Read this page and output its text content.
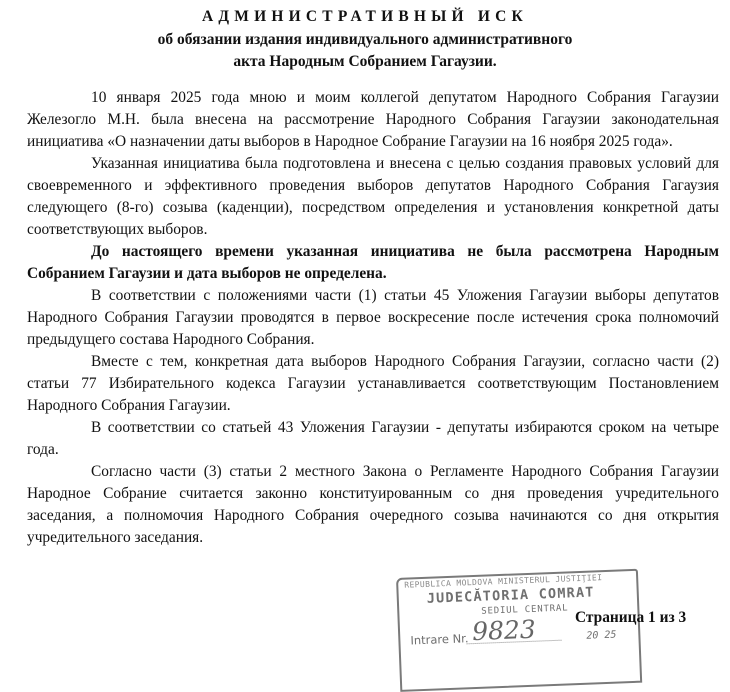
АДМИНИСТРАТИВНЫЙ ИСК
об обязании издания индивидуального административного
акта Народным Собранием Гагаузии.

10 января 2025 года мною и моим коллегой депутатом Народного Собрания Гагаузии Железогло М.Н. была внесена на рассмотрение Народного Собрания Гагаузии законодательная инициатива «О назначении даты выборов в Народное Собрание Гагаузии на 16 ноября 2025 года».

Указанная инициатива была подготовлена и внесена с целью создания правовых условий для своевременного и эффективного проведения выборов депутатов Народного Собрания Гагаузия следующего (8-го) созыва (каденции), посредством определения и установления конкретной даты соответствующих выборов.

До настоящего времени указанная инициатива не была рассмотрена Народным Собранием Гагаузии и дата выборов не определена.

В соответствии с положениями части (1) статьи 45 Уложения Гагаузии выборы депутатов Народного Собрания Гагаузии проводятся в первое воскресение после истечения срока полномочий предыдущего состава Народного Собрания.

Вместе с тем, конкретная дата выборов Народного Собрания Гагаузии, согласно части (2) статьи 77 Избирательного кодекса Гагаузии устанавливается соответствующим Постановлением Народного Собрания Гагаузии.

В соответствии со статьей 43 Уложения Гагаузии - депутаты избираются сроком на четыре года.

Согласно части (3) статьи 2 местного Закона о Регламенте Народного Собрания Гагаузии Народное Собрание считается законно конституированным со дня проведения учредительного заседания, а полномочия Народного Собрания очередного созыва начинаются со дня открытия учредительного заседания.

REPUBLICA MOLDOVA MINISTERUL JUSTIŢIEI
JUDECĂTORIA COMRAT
SEDIUL CENTRAL
Intrare Nr. 9823	20 25
Страница 1 из 3
